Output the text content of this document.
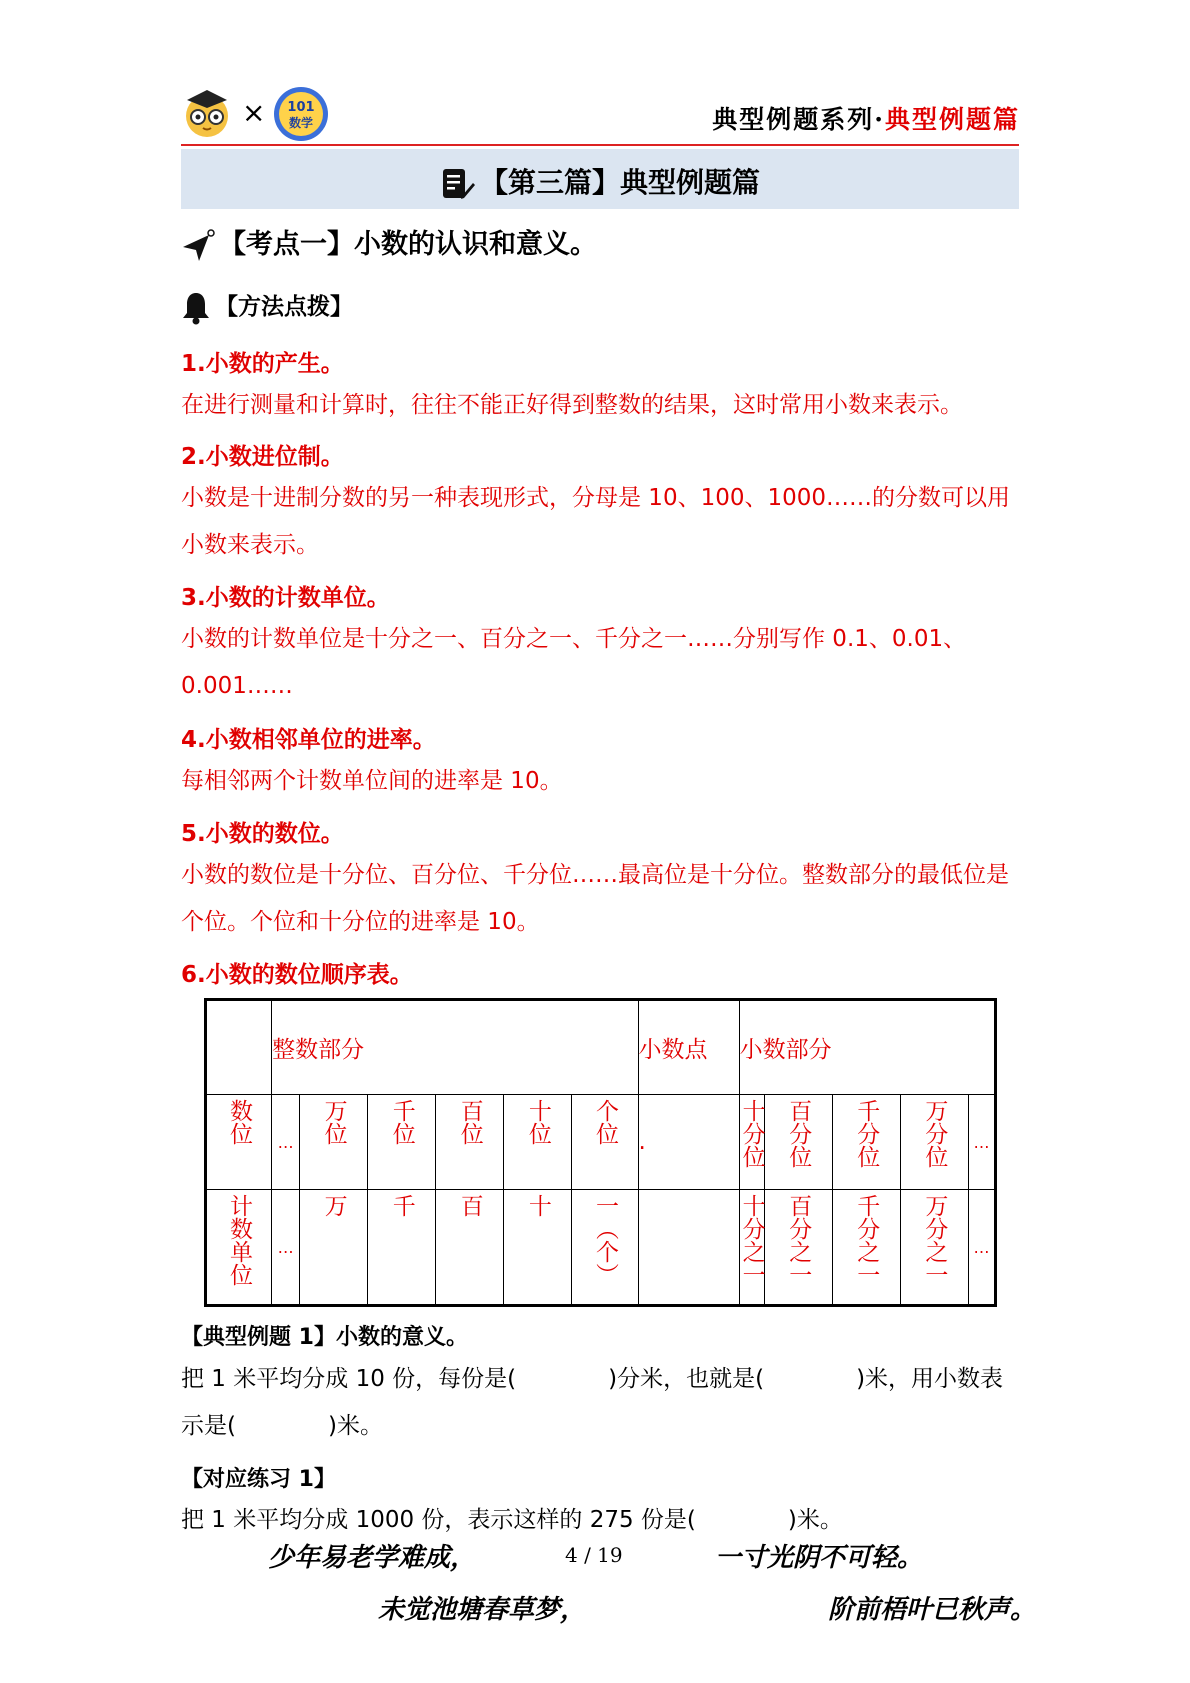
× 101
数学	典型例题系列·典型例题篇
【第三篇】典型例题篇
【考点一】小数的认识和意义。
【方法点拨】
1.小数的产生。
在进行测量和计算时，往往不能正好得到整数的结果，这时常用小数来表示。
2.小数进位制。
小数是十进制分数的另一种表现形式，分母是 10、100、1000……的分数可以用小数来表示。
3.小数的计数单位。
小数的计数单位是十分之一、百分之一、千分之一……分别写作 0.1、0.01、0.001……
4.小数相邻单位的进率。
每相邻两个计数单位间的进率是 10。
5.小数的数位。
小数的数位是十分位、百分位、千分位……最高位是十分位。整数部分的最低位是个位。个位和十分位的进率是 10。
6.小数的数位顺序表。
	整数部分						小数点	小数部分				

数位	…	万位	千位	百位	十位	个位	.	十分位	百分位	千分位	万分位	…

计数单位	…	万	千	百	十	一（个）		十分之一	百分之一	千分之一	万分之一	…
【典型例题 1】小数的意义。
把 1 米平均分成 10 份，每份是(　　　　)分米，也就是(　　　　)米，用小数表示是(　　　　)米。
【对应练习 1】
把 1 米平均分成 1000 份，表示这样的 275 份是(　　　　)米。
少年易老学难成，	4 / 19	一寸光阴不可轻。
未觉池塘春草梦，	阶前梧叶已秋声。
